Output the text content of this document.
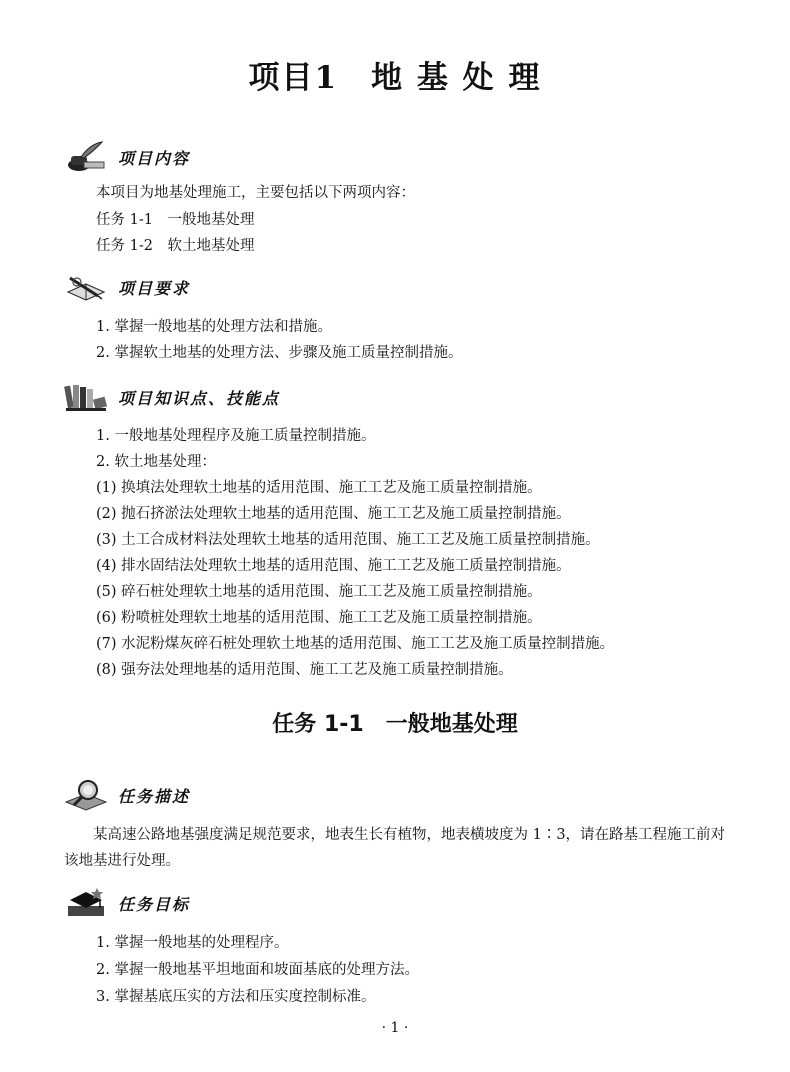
项目1　地 基 处 理
项目内容
本项目为地基处理施工，主要包括以下两项内容：
任务 1-1　一般地基处理
任务 1-2　软土地基处理
项目要求
1. 掌握一般地基的处理方法和措施。
2. 掌握软土地基的处理方法、步骤及施工质量控制措施。
项目知识点、技能点
1. 一般地基处理程序及施工质量控制措施。
2. 软土地基处理：
(1) 换填法处理软土地基的适用范围、施工工艺及施工质量控制措施。
(2) 抛石挤淤法处理软土地基的适用范围、施工工艺及施工质量控制措施。
(3) 土工合成材料法处理软土地基的适用范围、施工工艺及施工质量控制措施。
(4) 排水固结法处理软土地基的适用范围、施工工艺及施工质量控制措施。
(5) 碎石桩处理软土地基的适用范围、施工工艺及施工质量控制措施。
(6) 粉喷桩处理软土地基的适用范围、施工工艺及施工质量控制措施。
(7) 水泥粉煤灰碎石桩处理软土地基的适用范围、施工工艺及施工质量控制措施。
(8) 强夯法处理地基的适用范围、施工工艺及施工质量控制措施。
任务 1-1　一般地基处理
任务描述

某高速公路地基强度满足规范要求，地表生长有植物，地表横坡度为 1∶3，请在路基工程施工前对该地基进行处理。

任务目标
1. 掌握一般地基的处理程序。
2. 掌握一般地基平坦地面和坡面基底的处理方法。
3. 掌握基底压实的方法和压实度控制标准。
· 1 ·
